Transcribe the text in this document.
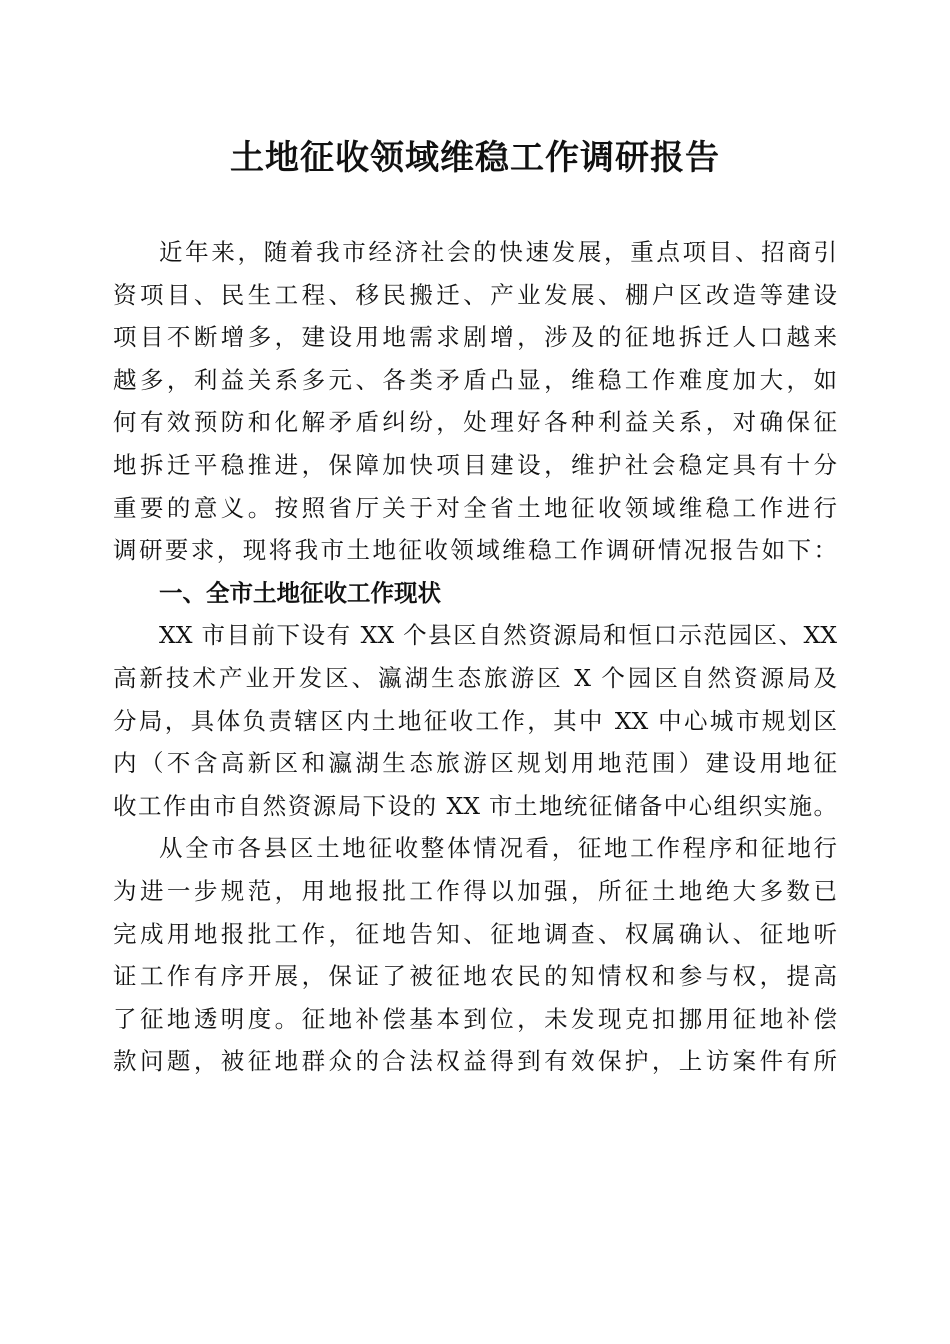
土地征收领域维稳工作调研报告
近年来，随着我市经济社会的快速发展，重点项目、招商引
资项目、民生工程、移民搬迁、产业发展、棚户区改造等建设
项目不断增多，建设用地需求剧增，涉及的征地拆迁人口越来
越多，利益关系多元、各类矛盾凸显，维稳工作难度加大，如
何有效预防和化解矛盾纠纷，处理好各种利益关系，对确保征
地拆迁平稳推进，保障加快项目建设，维护社会稳定具有十分
重要的意义。按照省厅关于对全省土地征收领域维稳工作进行
调研要求，现将我市土地征收领域维稳工作调研情况报告如下：
一、全市土地征收工作现状
XX 市目前下设有 XX 个县区自然资源局和恒口示范园区、XX
高新技术产业开发区、瀛湖生态旅游区 X 个园区自然资源局及
分局，具体负责辖区内土地征收工作，其中 XX 中心城市规划区
内（不含高新区和瀛湖生态旅游区规划用地范围）建设用地征
收工作由市自然资源局下设的 XX 市土地统征储备中心组织实施。
从全市各县区土地征收整体情况看，征地工作程序和征地行
为进一步规范，用地报批工作得以加强，所征土地绝大多数已
完成用地报批工作，征地告知、征地调查、权属确认、征地听
证工作有序开展，保证了被征地农民的知情权和参与权，提高
了征地透明度。征地补偿基本到位，未发现克扣挪用征地补偿
款问题，被征地群众的合法权益得到有效保护，上访案件有所
